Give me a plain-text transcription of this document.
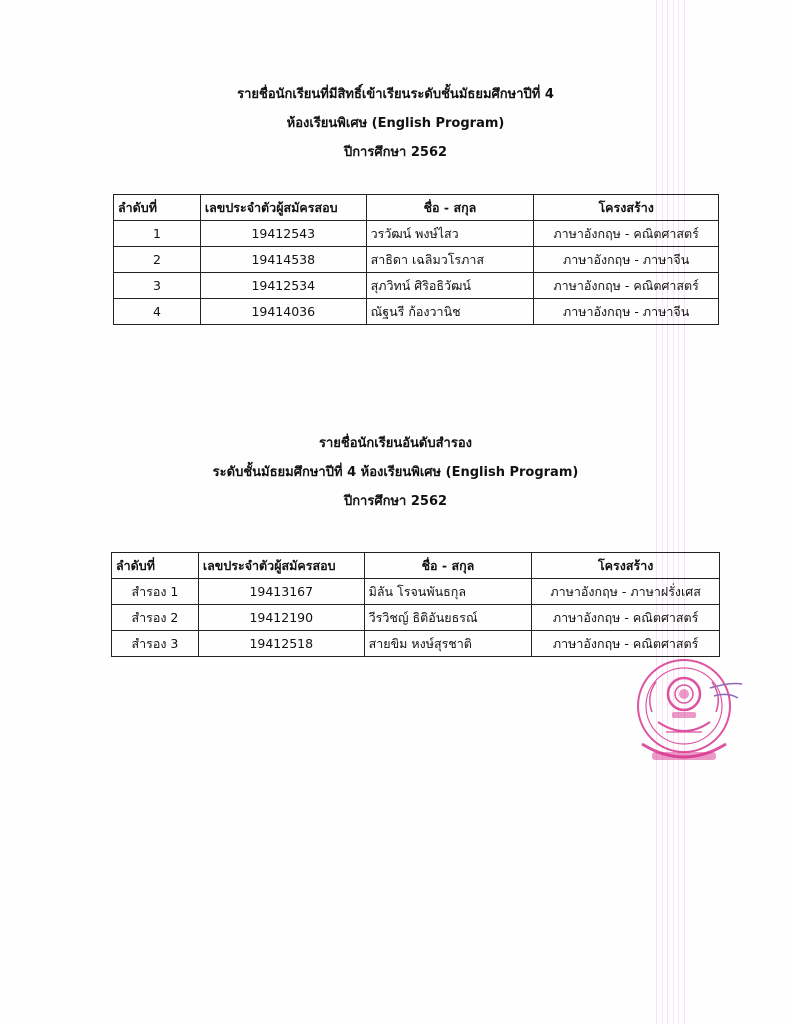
รายชื่อนักเรียนที่มีสิทธิ์เข้าเรียนระดับชั้นมัธยมศึกษาปีที่ 4
ห้องเรียนพิเศษ (English Program)
ปีการศึกษา 2562
ลำดับที่	เลขประจำตัวผู้สมัครสอบ	ชื่อ - สกุล	โครงสร้าง
1	19412543	วรวัฒน์ พงษ์ไสว	ภาษาอังกฤษ - คณิตศาสตร์
2	19414538	สาธิดา เฉลิมวโรภาส	ภาษาอังกฤษ - ภาษาจีน
3	19412534	สุภวิทน์ ศิริอธิวัฒน์	ภาษาอังกฤษ - คณิตศาสตร์
4	19414036	ณัฐนรี ก้องวานิช	ภาษาอังกฤษ - ภาษาจีน
รายชื่อนักเรียนอันดับสำรอง
ระดับชั้นมัธยมศึกษาปีที่ 4 ห้องเรียนพิเศษ (English Program)
ปีการศึกษา 2562
ลำดับที่	เลขประจำตัวผู้สมัครสอบ	ชื่อ - สกุล	โครงสร้าง
สำรอง 1	19413167	มิลัน โรจนพันธกุล	ภาษาอังกฤษ - ภาษาฝรั่งเศส
สำรอง 2	19412190	วีรวิชญ์ ธิติอันยธรณ์	ภาษาอังกฤษ - คณิตศาสตร์
สำรอง 3	19412518	สายขิม หงษ์สุรชาติ	ภาษาอังกฤษ - คณิตศาสตร์
